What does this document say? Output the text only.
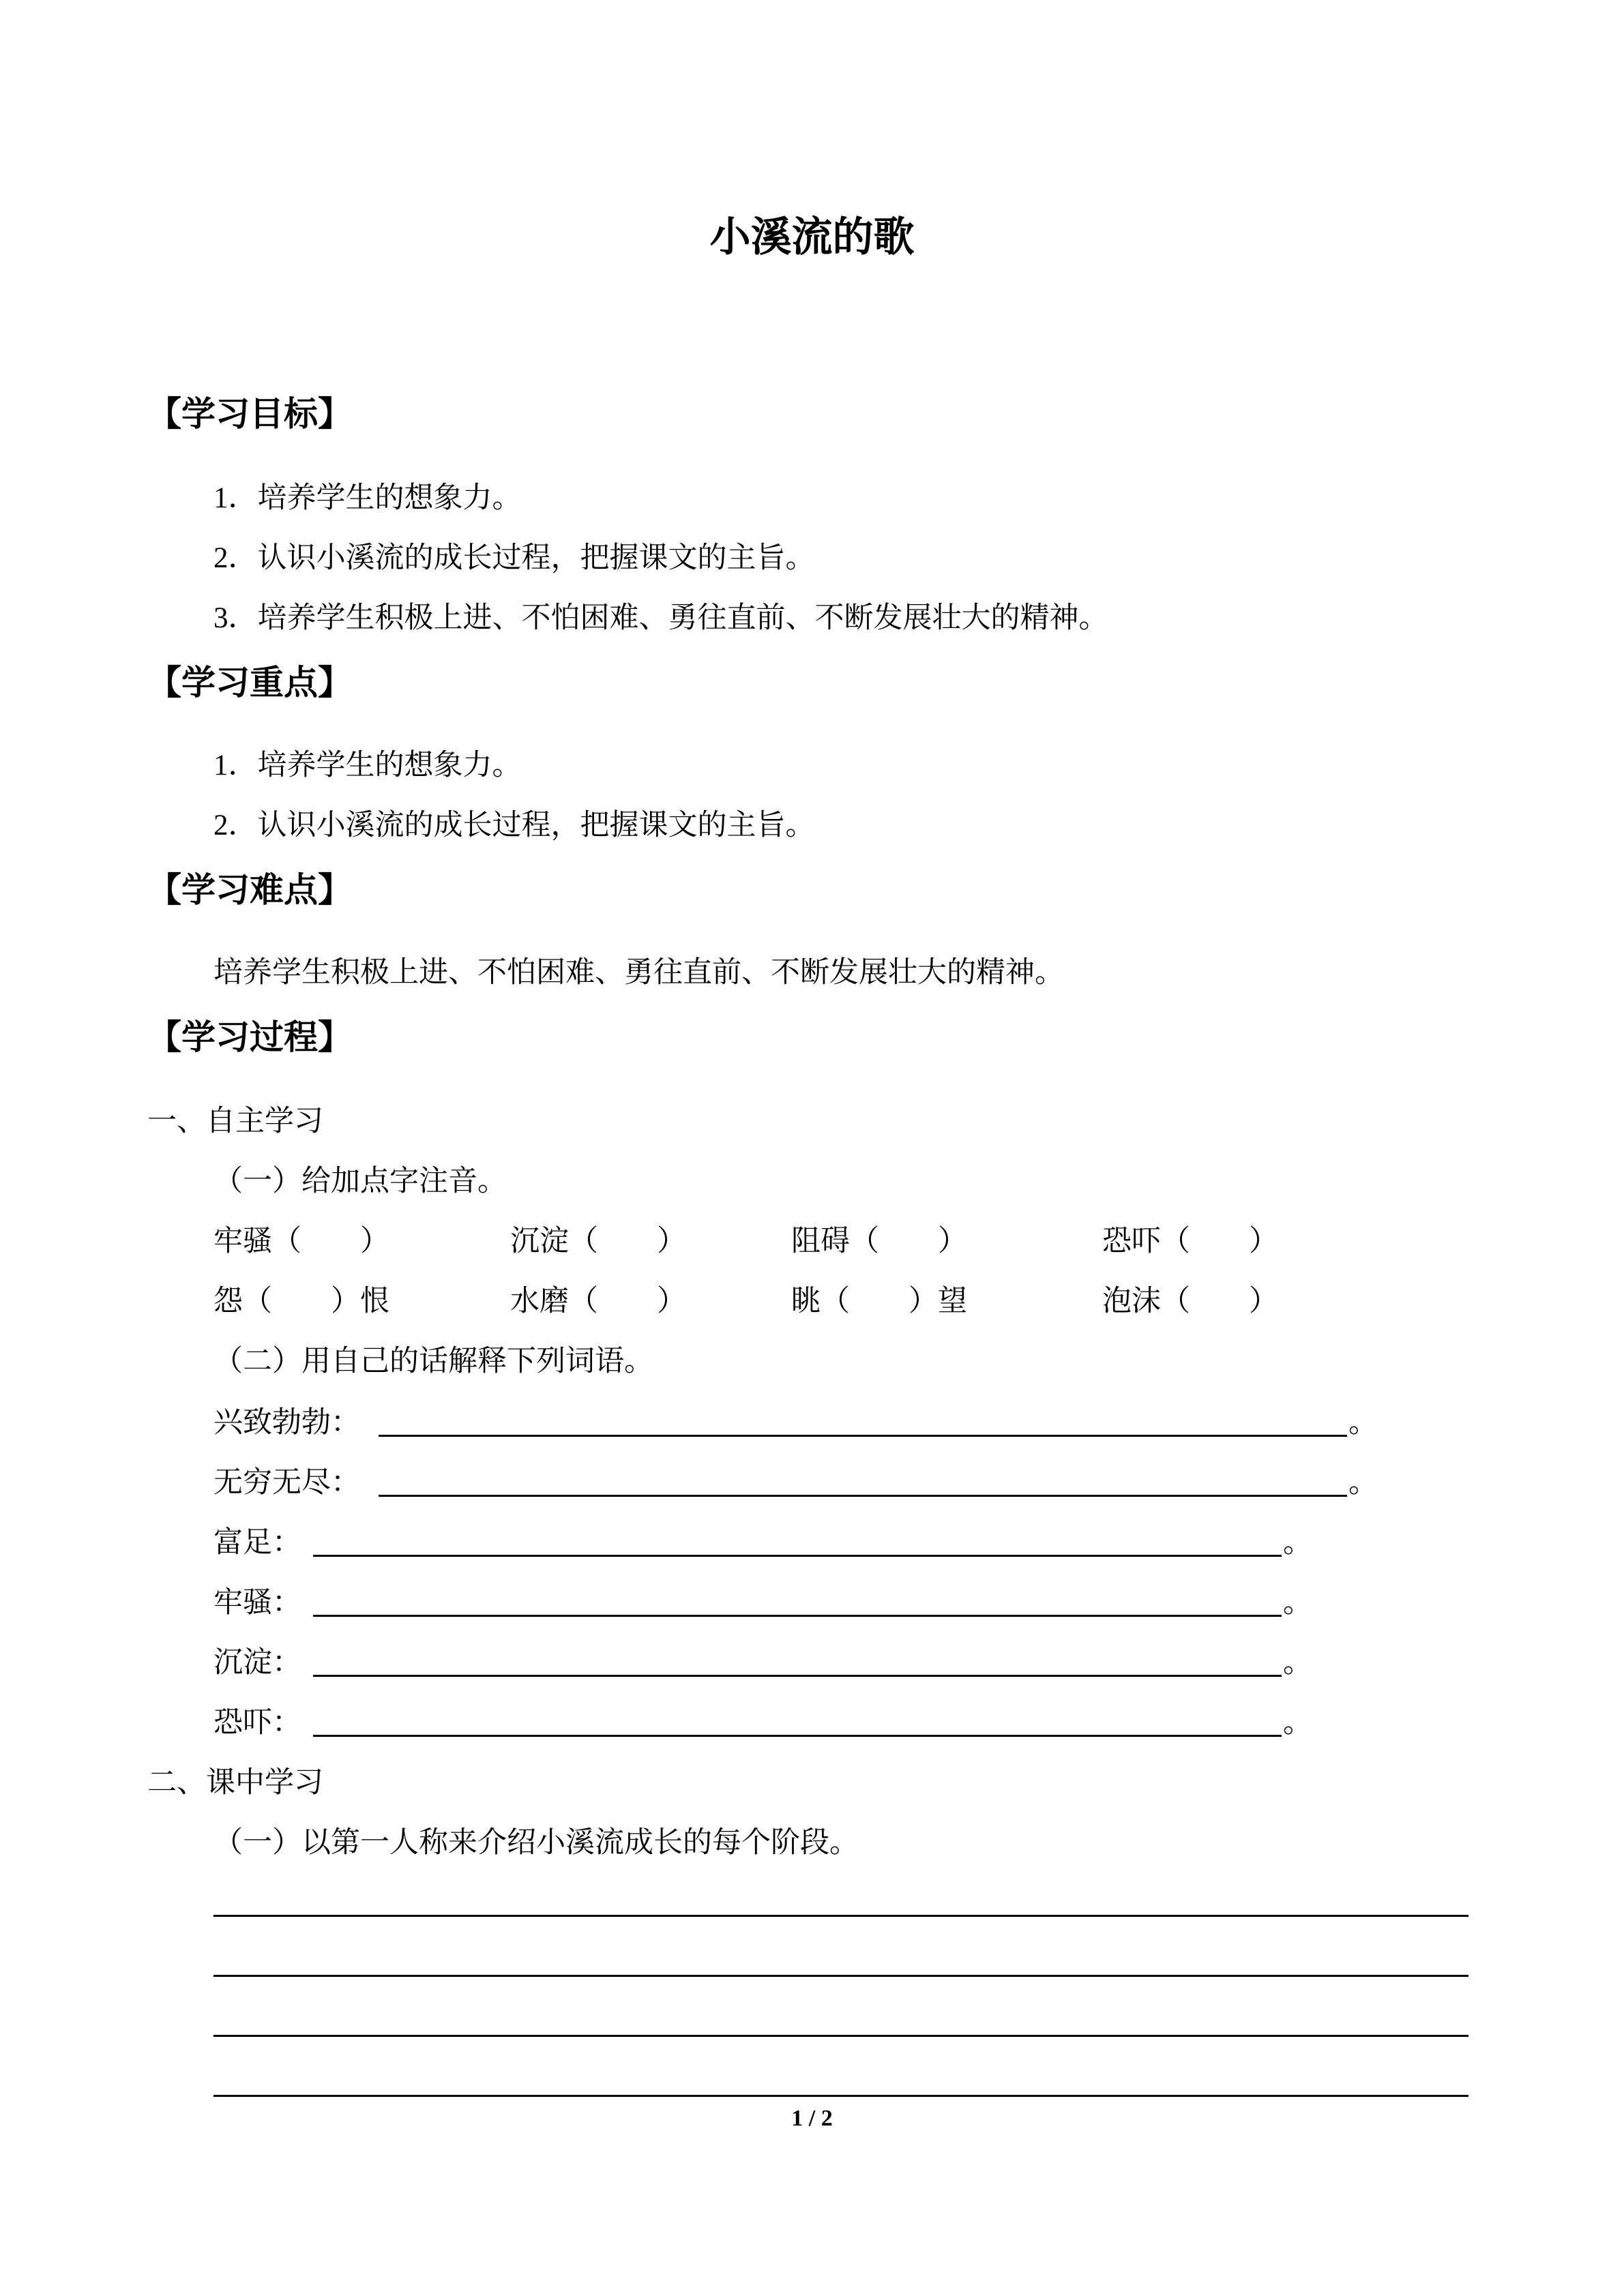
小溪流的歌
【学习目标】
1．培养学生的想象力。
2．认识小溪流的成长过程，把握课文的主旨。
3．培养学生积极上进、不怕困难、勇往直前、不断发展壮大的精神。
【学习重点】
1．培养学生的想象力。
2．认识小溪流的成长过程，把握课文的主旨。
【学习难点】
培养学生积极上进、不怕困难、勇往直前、不断发展壮大的精神。
【学习过程】
一、自主学习
（一）给加点字注音。
牢骚（　　）	沉淀（　　）	阻碍（　　）	恐吓（　　）
怨（　　）恨	水磨（　　）	眺（　　）望	泡沫（　　）
（二）用自己的话解释下列词语。
兴致勃勃：	。
无穷无尽：	。
富足：	。
牢骚：	。
沉淀：	。
恐吓：	。
二、课中学习
（一）以第一人称来介绍小溪流成长的每个阶段。
1 / 2
